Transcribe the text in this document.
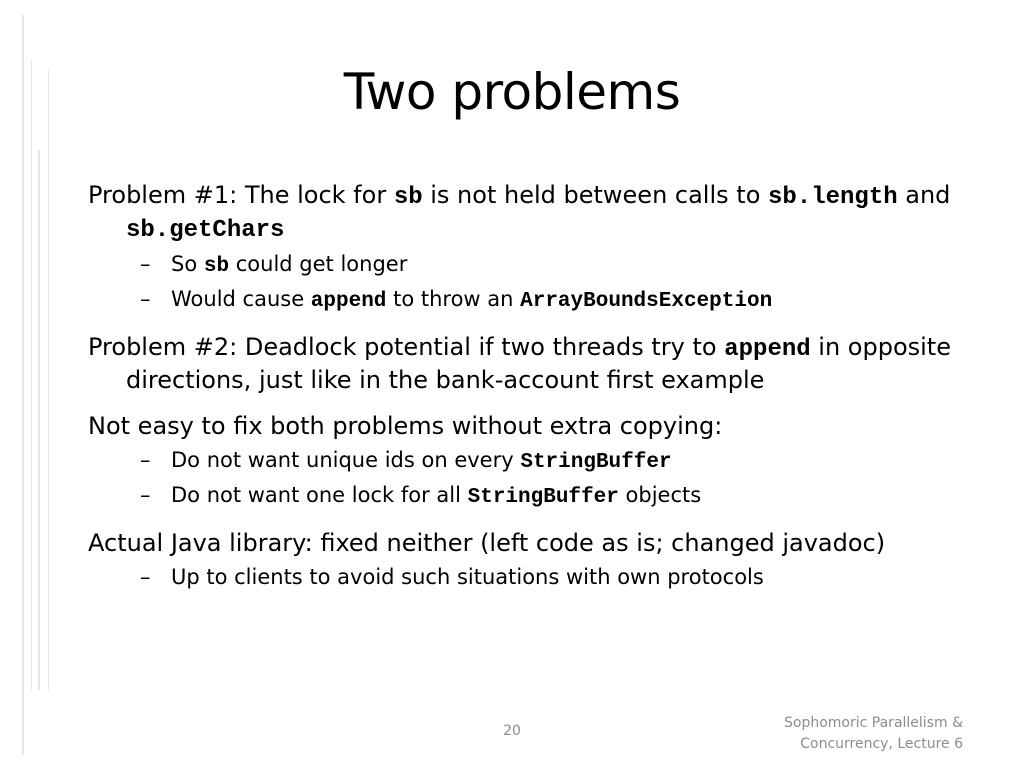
Two problems

Problem #1: The lock for sb is not held between calls to sb.length and sb.getChars

– So sb could get longer
– Would cause append to throw an ArrayBoundsException

Problem #2: Deadlock potential if two threads try to append in opposite directions, just like in the bank-account first example

Not easy to fix both problems without extra copying:

– Do not want unique ids on every StringBuffer
– Do not want one lock for all StringBuffer objects

Actual Java library: fixed neither (left code as is; changed javadoc)

– Up to clients to avoid such situations with own protocols
20	Sophomoric Parallelism &
Concurrency, Lecture 6
